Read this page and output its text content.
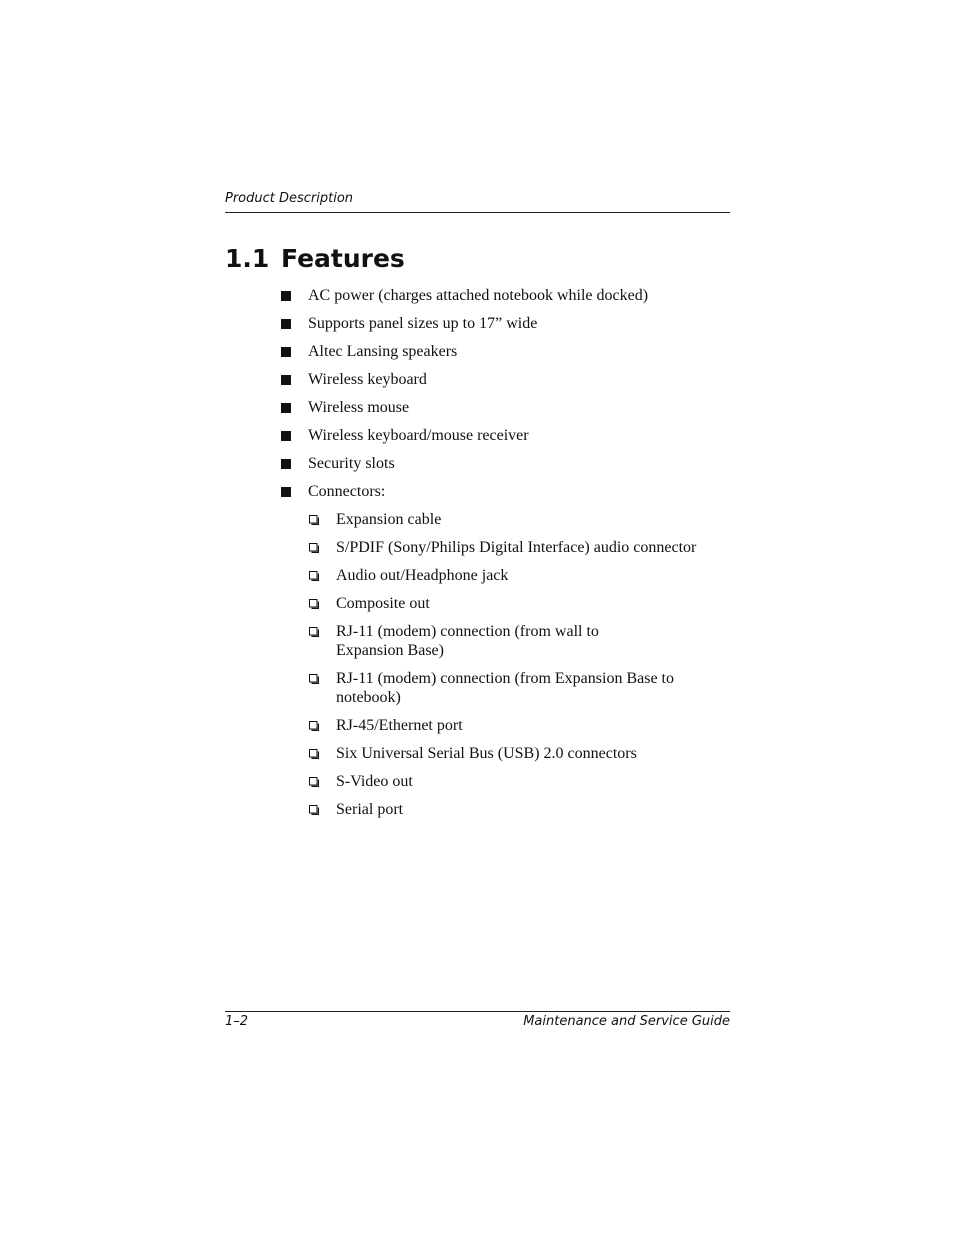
Product Description
1.1 Features
AC power (charges attached notebook while docked)
Supports panel sizes up to 17” wide
Altec Lansing speakers
Wireless keyboard
Wireless mouse
Wireless keyboard/mouse receiver
Security slots
Connectors:
Expansion cable
S/PDIF (Sony/Philips Digital Interface) audio connector
Audio out/Headphone jack
Composite out
RJ-11 (modem) connection (from wall to
Expansion Base)
RJ-11 (modem) connection (from Expansion Base to
notebook)
RJ-45/Ethernet port
Six Universal Serial Bus (USB) 2.0 connectors
S-Video out
Serial port
1–2	Maintenance and Service Guide
